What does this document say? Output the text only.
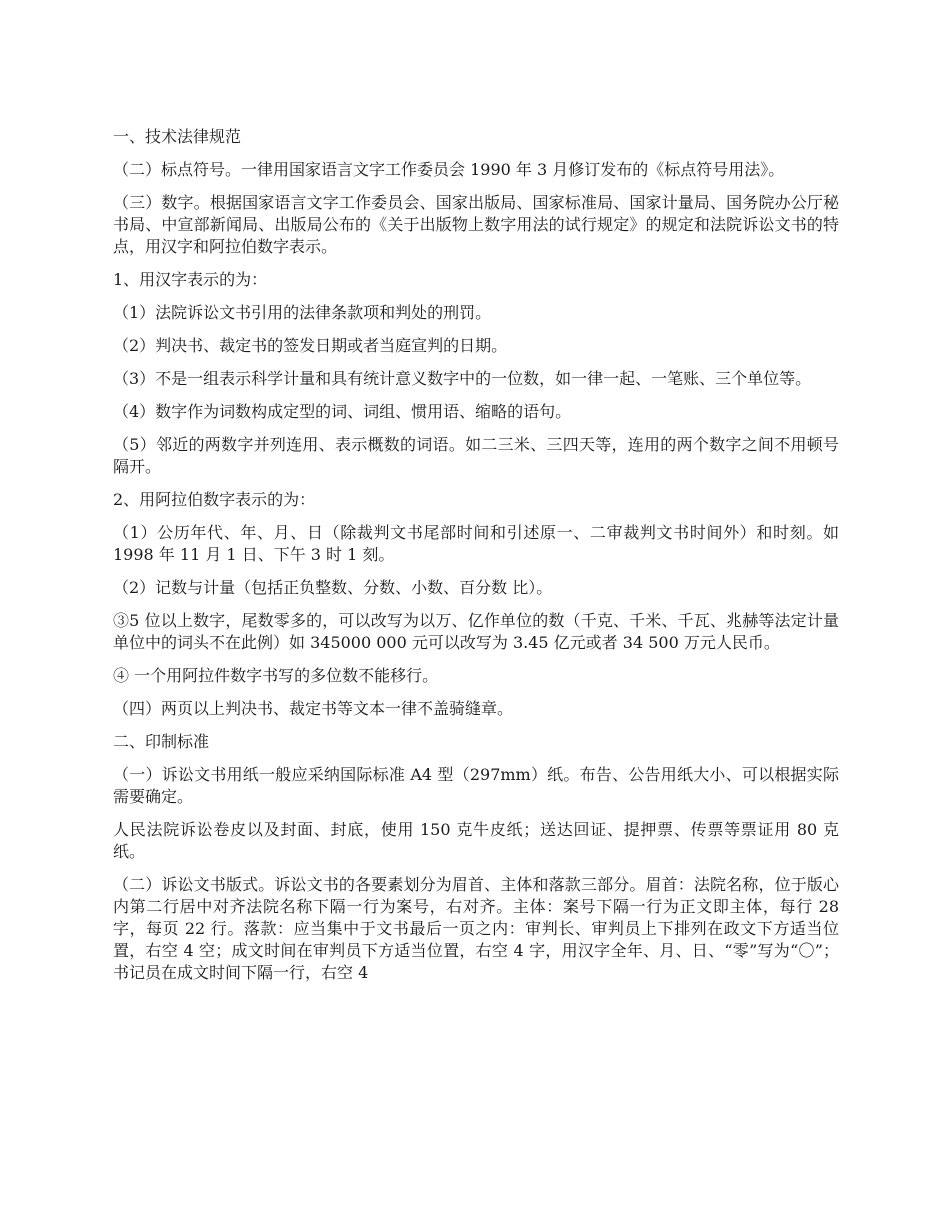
一、技术法律规范

（二）标点符号。一律用国家语言文字工作委员会 1990 年 3 月修订发布的《标点符号用法》。

（三）数字。根据国家语言文字工作委员会、国家出版局、国家标准局、国家计量局、国务院办公厅秘书局、中宣部新闻局、出版局公布的《关于出版物上数字用法的试行规定》的规定和法院诉讼文书的特点，用汉字和阿拉伯数字表示。

1、用汉字表示的为：

（1）法院诉讼文书引用的法律条款项和判处的刑罚。

（2）判决书、裁定书的签发日期或者当庭宣判的日期。

（3）不是一组表示科学计量和具有统计意义数字中的一位数，如一律一起、一笔账、三个单位等。

（4）数字作为词数构成定型的词、词组、惯用语、缩略的语句。

（5）邻近的两数字并列连用、表示概数的词语。如二三米、三四天等，连用的两个数字之间不用顿号隔开。

2、用阿拉伯数字表示的为：

（1）公历年代、年、月、日（除裁判文书尾部时间和引述原一、二审裁判文书时间外）和时刻。如 1998 年 11 月 1 日、下午 3 时 1 刻。

（2）记数与计量（包括正负整数、分数、小数、百分数 比）。

③5 位以上数字，尾数零多的，可以改写为以万、亿作单位的数（千克、千米、千瓦、兆赫等法定计量单位中的词头不在此例）如 345000 000 元可以改写为 3.45 亿元或者 34 500 万元人民币。

④ 一个用阿拉件数字书写的多位数不能移行。

（四）两页以上判决书、裁定书等文本一律不盖骑缝章。

二、印制标准

（一）诉讼文书用纸一般应采纳国际标准 A4 型（297mm）纸。布告、公告用纸大小、可以根据实际需要确定。

人民法院诉讼卷皮以及封面、封底，使用 150 克牛皮纸；送达回证、提押票、传票等票证用 80 克纸。

（二）诉讼文书版式。诉讼文书的各要素划分为眉首、主体和落款三部分。眉首：法院名称，位于版心内第二行居中对齐法院名称下隔一行为案号，右对齐。主体：案号下隔一行为正文即主体，每行 28 字，每页 22 行。落款：应当集中于文书最后一页之内：审判长、审判员上下排列在政文下方适当位置，右空 4 空；成文时间在审判员下方适当位置，右空 4 字，用汉字全年、月、日、“零”写为“〇”；书记员在成文时间下隔一行，右空 4
